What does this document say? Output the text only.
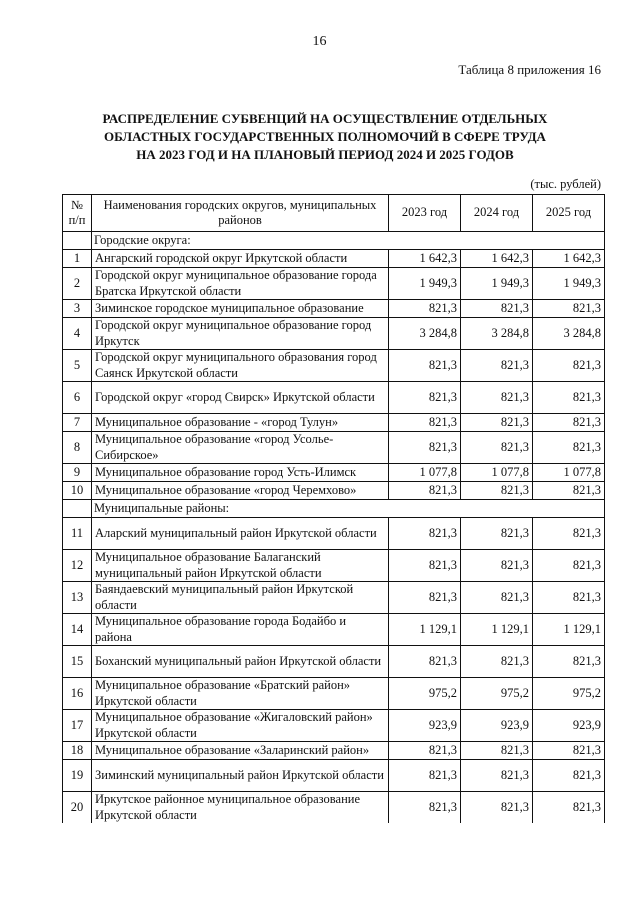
16
Таблица 8 приложения 16
РАСПРЕДЕЛЕНИЕ СУБВЕНЦИЙ НА ОСУЩЕСТВЛЕНИЕ ОТДЕЛЬНЫХ
ОБЛАСТНЫХ ГОСУДАРСТВЕННЫХ ПОЛНОМОЧИЙ В СФЕРЕ ТРУДА
НА 2023 ГОД И НА ПЛАНОВЫЙ ПЕРИОД 2024 И 2025 ГОДОВ
(тыс. рублей)
№ п/п	Наименования городских округов, муниципальных районов	2023 год	2024 год	2025 год
	Городские округа:			
1	Ангарский городской округ Иркутской области	1 642,3	1 642,3	1 642,3
2	Городской округ муниципальное образование города Братска Иркутской области	1 949,3	1 949,3	1 949,3
3	Зиминское городское муниципальное образование	821,3	821,3	821,3
4	Городской округ муниципальное образование город Иркутск	3 284,8	3 284,8	3 284,8
5	Городской округ муниципального образования город Саянск Иркутской области	821,3	821,3	821,3
6	Городской округ «город Свирск» Иркутской области	821,3	821,3	821,3
7	Муниципальное образование - «город Тулун»	821,3	821,3	821,3
8	Муниципальное образование «город Усолье-Сибирское»	821,3	821,3	821,3
9	Муниципальное образование город Усть-Илимск	1 077,8	1 077,8	1 077,8
10	Муниципальное образование «город Черемхово»	821,3	821,3	821,3
	Муниципальные районы:			
11	Аларский муниципальный район Иркутской области	821,3	821,3	821,3
12	Муниципальное образование Балаганский муниципальный район Иркутской области	821,3	821,3	821,3
13	Баяндаевский муниципальный район Иркутской области	821,3	821,3	821,3
14	Муниципальное образование города Бодайбо и района	1 129,1	1 129,1	1 129,1
15	Боханский муниципальный район Иркутской области	821,3	821,3	821,3
16	Муниципальное образование «Братский район» Иркутской области	975,2	975,2	975,2
17	Муниципальное образование «Жигаловский район» Иркутской области	923,9	923,9	923,9
18	Муниципальное образование «Заларинский район»	821,3	821,3	821,3
19	Зиминский муниципальный район Иркутской области	821,3	821,3	821,3
20	Иркутское районное муниципальное образование Иркутской области	821,3	821,3	821,3
